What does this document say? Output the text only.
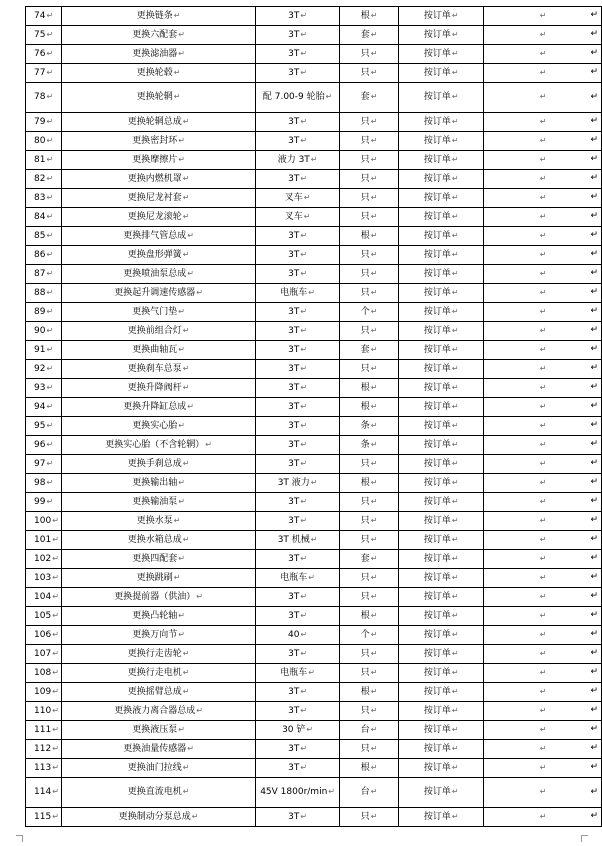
74↵	更换链条↵	3T↵	根↵	按订单↵	↵
75↵	更换六配套↵	3T↵	套↵	按订单↵	↵
76↵	更换滤油器↵	3T↵	只↵	按订单↵	↵
77↵	更换轮毂↵	3T↵	只↵	按订单↵	↵
78↵	更换轮辋↵	配 7.00-9 轮胎↵	套↵	按订单↵	↵
79↵	更换轮辋总成↵	3T↵	只↵	按订单↵	↵
80↵	更换密封环↵	3T↵	只↵	按订单↵	↵
81↵	更换摩擦片↵	液力 3T↵	只↵	按订单↵	↵
82↵	更换内燃机罩↵	3T↵	只↵	按订单↵	↵
83↵	更换尼龙衬套↵	叉车↵	只↵	按订单↵	↵
84↵	更换尼龙滚轮↵	叉车↵	只↵	按订单↵	↵
85↵	更换排气管总成↵	3T↵	根↵	按订单↵	↵
86↵	更换盘形弹簧↵	3T↵	只↵	按订单↵	↵
87↵	更换喷油泵总成↵	3T↵	只↵	按订单↵	↵
88↵	更换起升调速传感器↵	电瓶车↵	只↵	按订单↵	↵
89↵	更换气门垫↵	3T↵	个↵	按订单↵	↵
90↵	更换前组合灯↵	3T↵	只↵	按订单↵	↵
91↵	更换曲轴瓦↵	3T↵	套↵	按订单↵	↵
92↵	更换刹车总泵↵	3T↵	只↵	按订单↵	↵
93↵	更换升降阀杆↵	3T↵	根↵	按订单↵	↵
94↵	更换升降缸总成↵	3T↵	根↵	按订单↵	↵
95↵	更换实心胎↵	3T↵	条↵	按订单↵	↵
96↵	更换实心胎（不含轮辋）↵	3T↵	条↵	按订单↵	↵
97↵	更换手刹总成↵	3T↵	只↵	按订单↵	↵
98↵	更换输出轴↵	3T 液力↵	根↵	按订单↵	↵
99↵	更换输油泵↵	3T↵	只↵	按订单↵	↵
100↵	更换水泵↵	3T↵	只↵	按订单↵	↵
101↵	更换水箱总成↵	3T 机械↵	只↵	按订单↵	↵
102↵	更换四配套↵	3T↵	套↵	按订单↵	↵
103↵	更换跳刷↵	电瓶车↵	只↵	按订单↵	↵
104↵	更换提前器（供油）↵	3T↵	只↵	按订单↵	↵
105↵	更换凸轮轴↵	3T↵	根↵	按订单↵	↵
106↵	更换万向节↵	40↵	个↵	按订单↵	↵
107↵	更换行走齿轮↵	3T↵	只↵	按订单↵	↵
108↵	更换行走电机↵	电瓶车↵	只↵	按订单↵	↵
109↵	更换摇臂总成↵	3T↵	根↵	按订单↵	↵
110↵	更换液力离合器总成↵	3T↵	只↵	按订单↵	↵
111↵	更换液压泵↵	30 铲↵	台↵	按订单↵	↵
112↵	更换油量传感器↵	3T↵	只↵	按订单↵	↵
113↵	更换油门拉线↵	3T↵	根↵	按订单↵	↵
114↵	更换直流电机↵	45V 1800r/min↵	台↵	按订单↵	↵
115↵	更换制动分泵总成↵	3T↵	只↵	按订单↵	↵
↵
↵
↵
↵
↵
↵
↵
↵
↵
↵
↵
↵
↵
↵
↵
↵
↵
↵
↵
↵
↵
↵
↵
↵
↵
↵
↵
↵
↵
↵
↵
↵
↵
↵
↵
↵
↵
↵
↵
↵
↵
↵
